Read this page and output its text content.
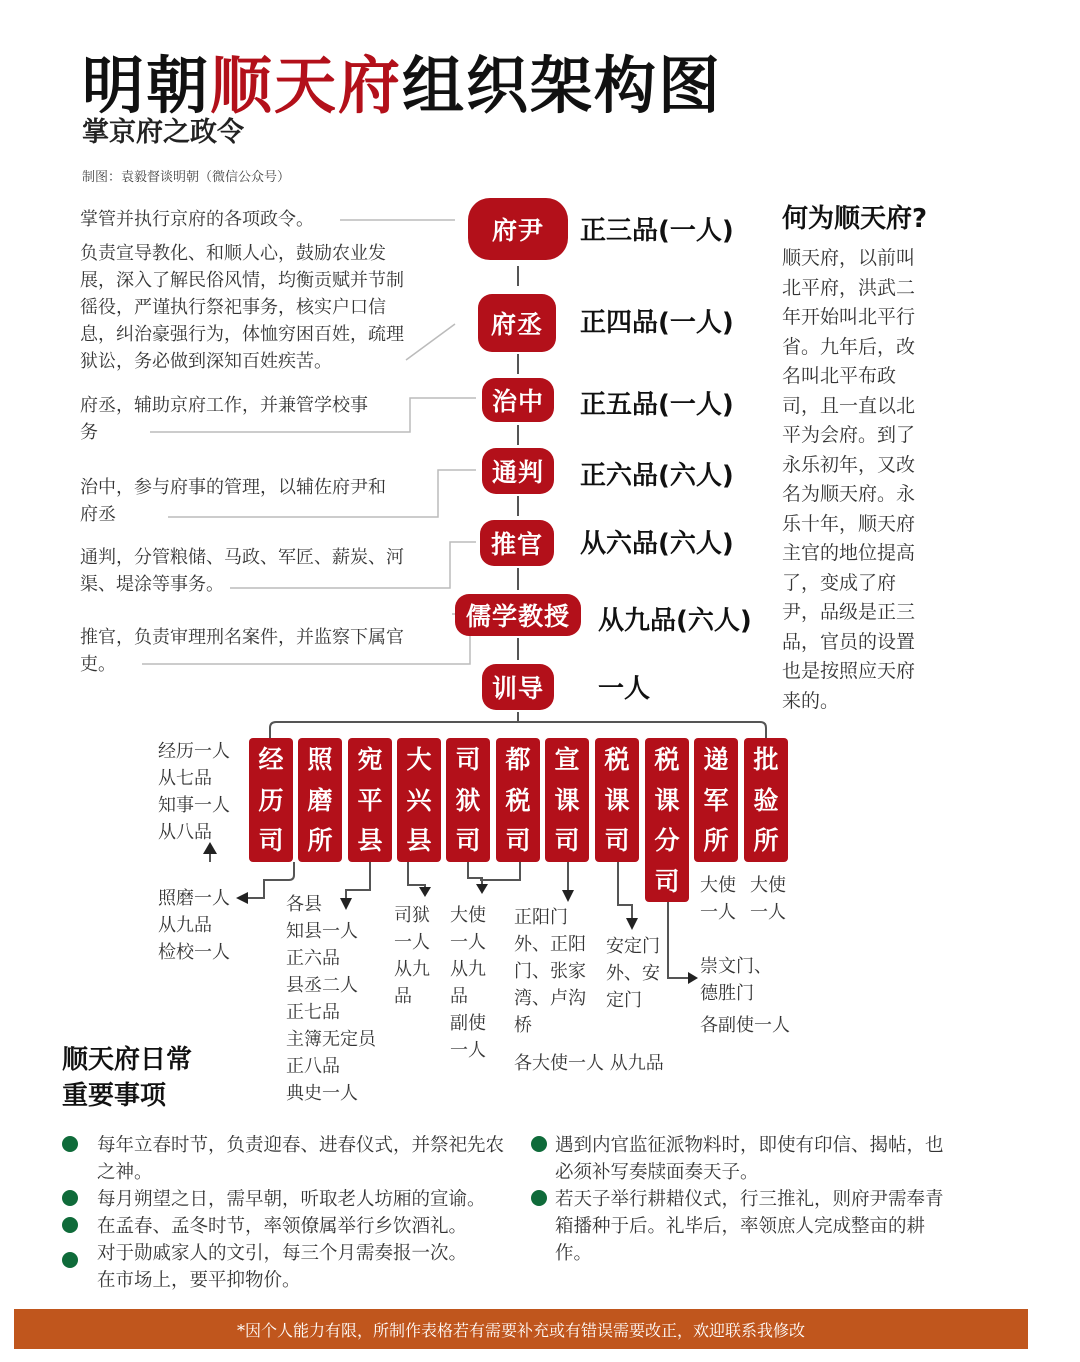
明朝顺天府组织架构图
掌京府之政令
制图：袁毅督谈明朝（微信公众号）
掌管并执行京府的各项政令。
负责宣导教化、和顺人心，鼓励农业发展，深入了解民俗风情，均衡贡赋并节制徭役，严谨执行祭祀事务，核实户口信息，纠治豪强行为，体恤穷困百姓，疏理狱讼，务必做到深知百姓疾苦。
府丞，辅助京府工作，并兼管学校事务
治中，参与府事的管理，以辅佐府尹和府丞
通判，分管粮储、马政、军匠、薪炭、河渠、堤涂等事务。
推官，负责审理刑名案件，并监察下属官吏。
府尹	正三品(一人)
府丞	正四品(一人)
治中	正五品(一人)
通判	正六品(六人)
推官	从六品(六人)
儒学教授	从九品(六人)
训导	一人
何为顺天府?
顺天府，以前叫北平府，洪武二年开始叫北平行省。九年后，改名叫北平布政司，且一直以北平为会府。到了永乐初年，又改名为顺天府。永乐十年，顺天府主官的地位提高了，变成了府尹，品级是正三品，官员的设置也是按照应天府来的。
经
历
司
照
磨
所
宛
平
县
大
兴
县
司
狱
司
都
税
司
宣
课
司
税
课
司
税
课
分
司
递
军
所
批
验
所
经历一人
从七品
知事一人
从八品
照磨一人
从九品
检校一人
各县
知县一人
正六品
县丞二人
正七品
主簿无定员
正八品
典史一人
司狱
一人
从九
品
大使
一人
从九
品
副使
一人
正阳门
外、正阳
门、张家
湾、卢沟
桥
安定门
外、安
定门
各大使一人 从九品
崇文门、
德胜门
各副使一人
大使
一人
大使
一人
顺天府日常
重要事项
每年立春时节，负责迎春、进春仪式，并祭祀先农之神。
每月朔望之日，需早朝，听取老人坊厢的宣谕。
在孟春、孟冬时节，率领僚属举行乡饮酒礼。
对于勋戚家人的文引，每三个月需奏报一次。在市场上，要平抑物价。
遇到内官监征派物料时，即使有印信、揭帖，也必须补写奏牍面奏天子。
若天子举行耕耤仪式，行三推礼，则府尹需奉青箱播种于后。礼毕后，率领庶人完成整亩的耕作。
*因个人能力有限，所制作表格若有需要补充或有错误需要改正，欢迎联系我修改
